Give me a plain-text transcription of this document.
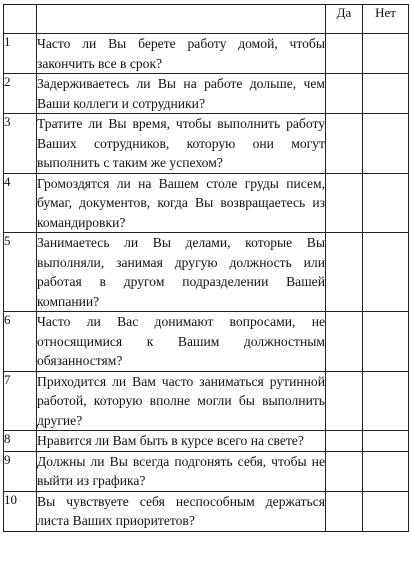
		Да	Нет
1	Часто ли Вы берете работу домой, чтобы закончить все в срок?		
2	Задерживаетесь ли Вы на работе дольше, чем Ваши коллеги и сотрудники?		
3	Тратите ли Вы время, чтобы выполнить работу Ваших сотрудников, которую они могут выполнить с таким же успехом?		
4	Громоздятся ли на Вашем столе груды писем, бумаг, документов, когда Вы возвращаетесь из командировки?		
5	Занимаетесь ли Вы делами, которые Вы выполняли, занимая другую должность или работая в другом подразделении Вашей компании?		
6	Часто ли Вас донимают вопросами, не относящимися к Вашим должностным обязанностям?		
7	Приходится ли Вам часто заниматься рутинной работой, которую вполне могли бы выполнить другие?		
8	Нравится ли Вам быть в курсе всего на свете?		
9	Должны ли Вы всегда подгонять себя, чтобы не выйти из графика?		
10	Вы чувствуете себя неспособным держаться листа Ваших приоритетов?		
